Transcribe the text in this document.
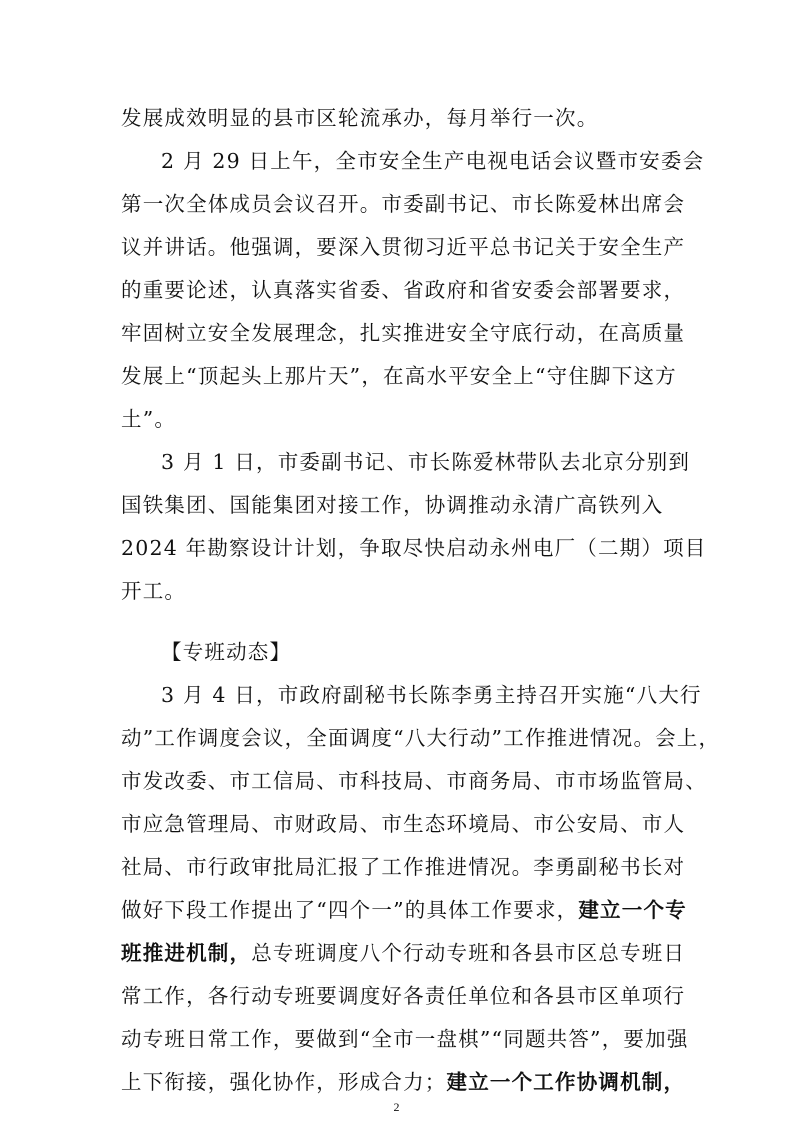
发展成效明显的县市区轮流承办，每月举行一次。
2 月 29 日上午，全市安全生产电视电话会议暨市安委会
第一次全体成员会议召开。市委副书记、市长陈爱林出席会
议并讲话。他强调，要深入贯彻习近平总书记关于安全生产
的重要论述，认真落实省委、省政府和省安委会部署要求，
牢固树立安全发展理念，扎实推进安全守底行动，在高质量
发展上“顶起头上那片天”，在高水平安全上“守住脚下这方
土”。
3 月 1 日，市委副书记、市长陈爱林带队去北京分别到
国铁集团、国能集团对接工作，协调推动永清广高铁列入
2024 年勘察设计计划，争取尽快启动永州电厂（二期）项目
开工。
【专班动态】
3 月 4 日，市政府副秘书长陈李勇主持召开实施“八大行
动”工作调度会议，全面调度“八大行动”工作推进情况。会上，
市发改委、市工信局、市科技局、市商务局、市市场监管局、
市应急管理局、市财政局、市生态环境局、市公安局、市人
社局、市行政审批局汇报了工作推进情况。李勇副秘书长对
做好下段工作提出了“四个一”的具体工作要求，建立一个专
班推进机制，总专班调度八个行动专班和各县市区总专班日
常工作，各行动专班要调度好各责任单位和各县市区单项行
动专班日常工作，要做到“全市一盘棋”“同题共答”，要加强
上下衔接，强化协作，形成合力；建立一个工作协调机制，
2
